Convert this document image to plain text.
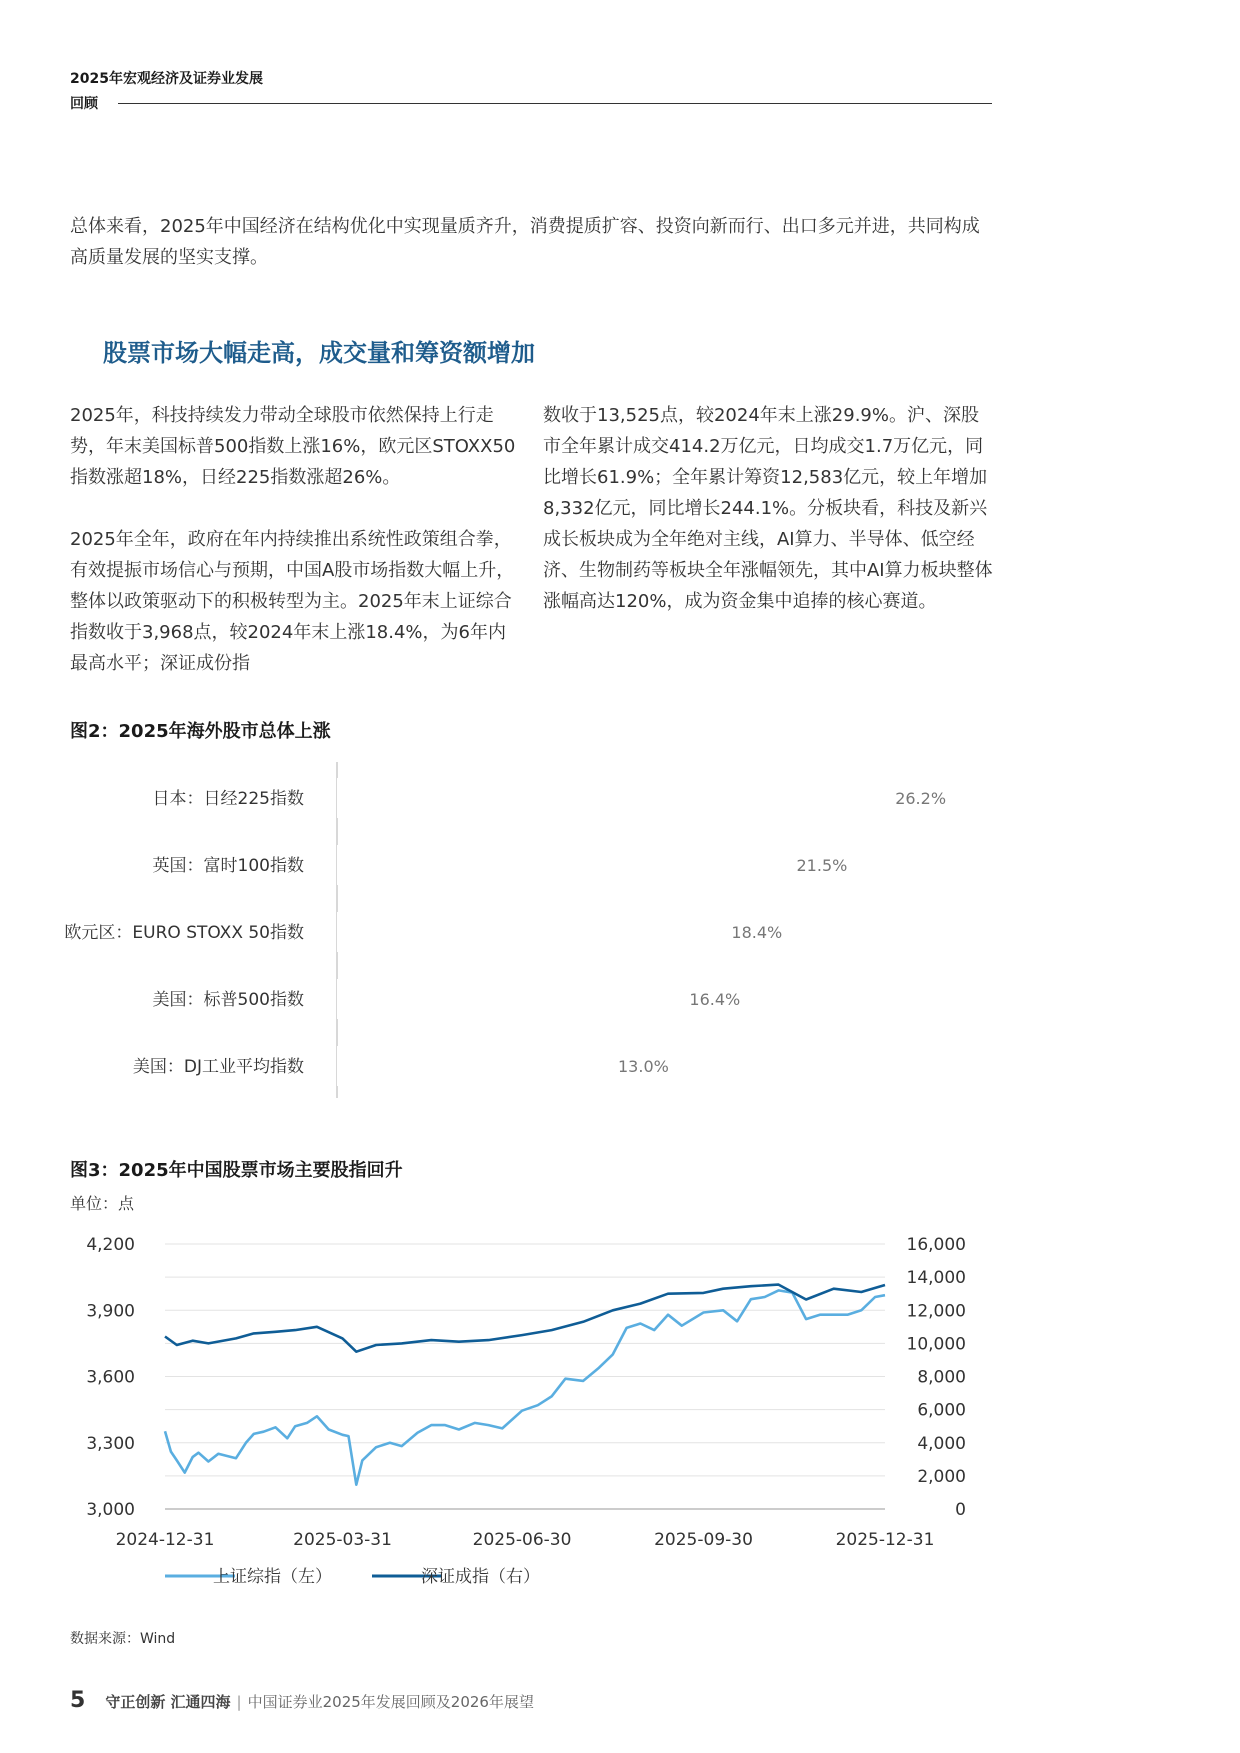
2025年宏观经济及证券业发展
回顾

总体来看，2025年中国经济在结构优化中实现量质齐升，消费提质扩容、投资向新而行、出口多元并进，共同构成高质量发展的坚实支撑。

股票市场大幅走高，成交量和筹资额增加

2025年，科技持续发力带动全球股市依然保持上行走势，年末美国标普500指数上涨16%，欧元区STOXX50指数涨超18%，日经225指数涨超26%。

2025年全年，政府在年内持续推出系统性政策组合拳，有效提振市场信心与预期，中国A股市场指数大幅上升，整体以政策驱动下的积极转型为主。2025年末上证综合指数收于3,968点，较2024年末上涨18.4%，为6年内最高水平；深证成份指

数收于13,525点，较2024年末上涨29.9%。沪、深股市全年累计成交414.2万亿元，日均成交1.7万亿元，同比增长61.9%；全年累计筹资12,583亿元，较上年增加8,332亿元，同比增长244.1%。分板块看，科技及新兴成长板块成为全年绝对主线，AI算力、半导体、低空经济、生物制药等板块全年涨幅领先，其中AI算力板块整体涨幅高达120%，成为资金集中追捧的核心赛道。

图2：2025年海外股市总体上涨
日本：日经225指数	26.2%
英国：富时100指数	21.5%
欧元区：EURO STOXX 50指数	18.4%
美国：标普500指数	16.4%
美国：DJ工业平均指数	13.0%
图3：2025年中国股票市场主要股指回升
单位：点
0
2,000
4,000
6,000
8,000
10,000
12,000
14,000
16,000
3,000
3,300
3,600
3,900
4,200
2024-12-31	2025-03-31	2025-06-30	2025-09-30	2025-12-31
上证综指（左）	深证成指（右）
数据来源：Wind
5 守正创新 汇通四海 | 中国证券业2025年发展回顾及2026年展望
